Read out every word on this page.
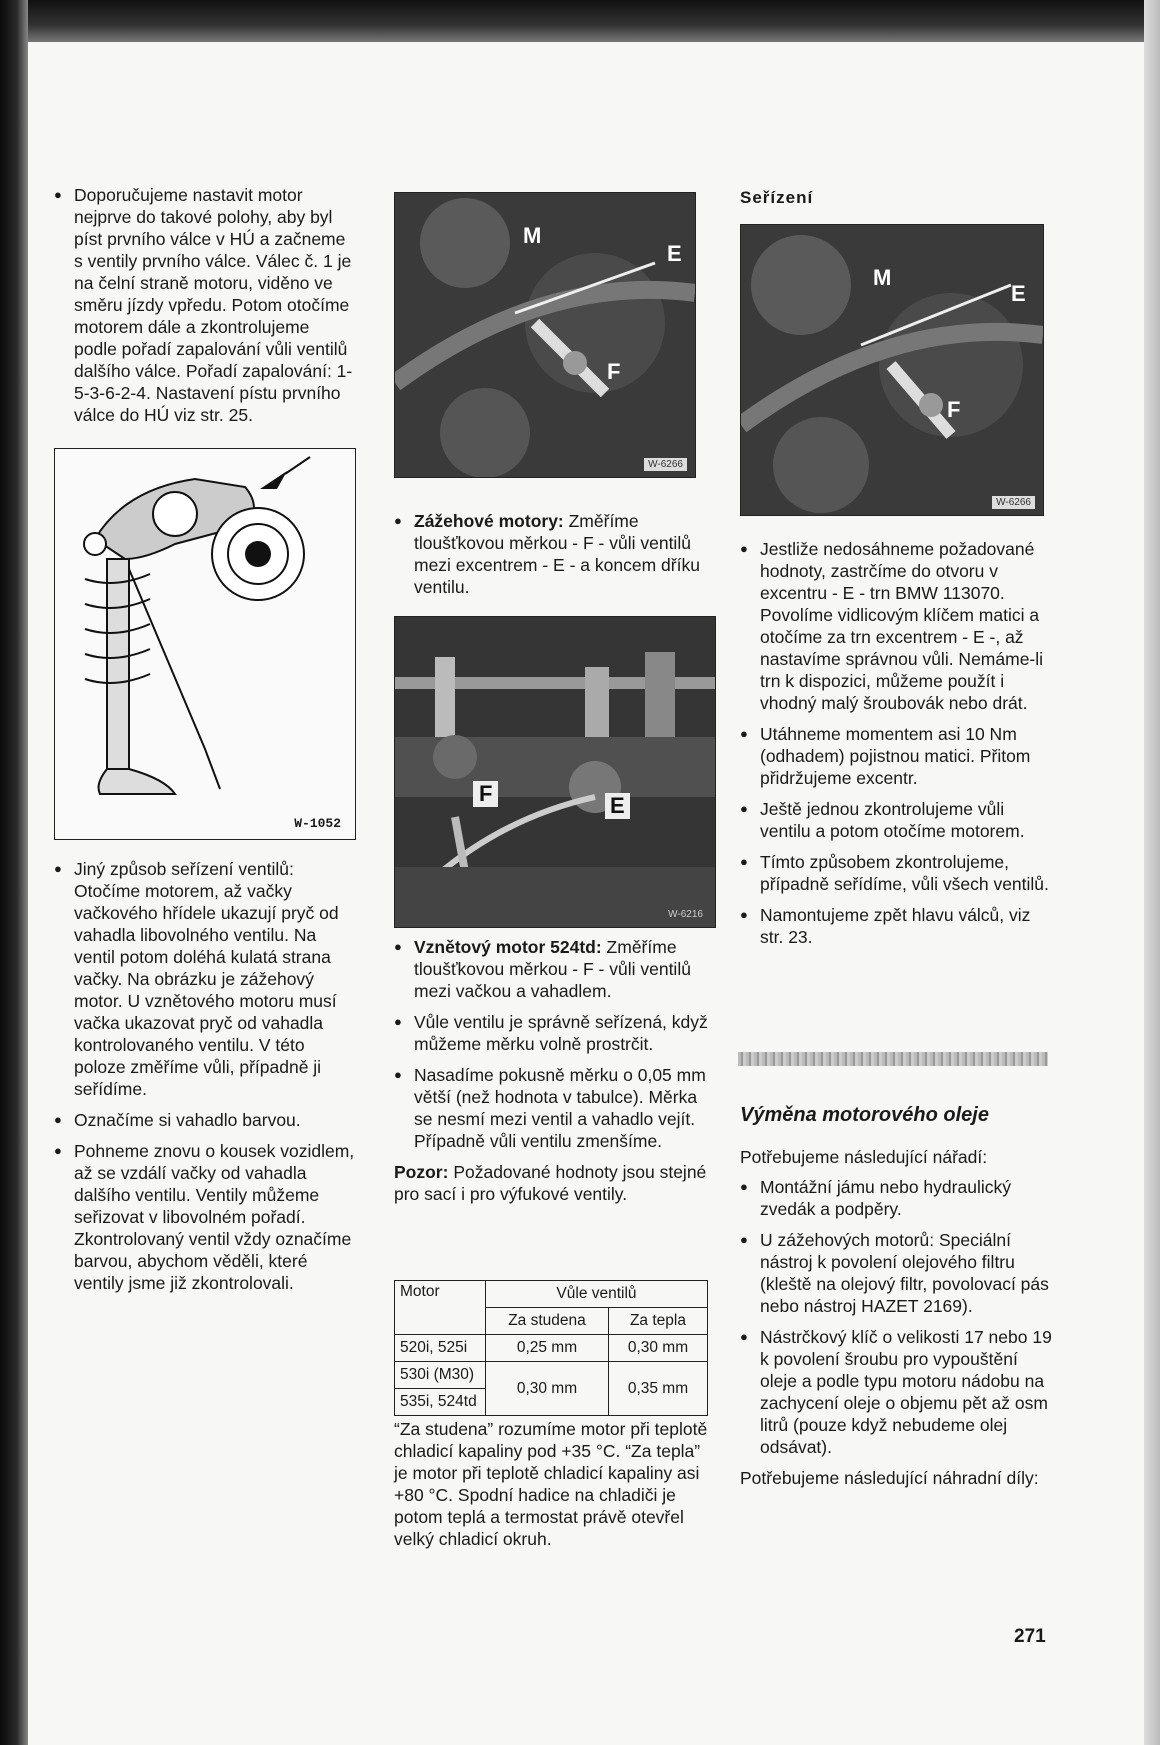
● Doporučujeme nastavit motor nejprve do takové polohy, aby byl píst prvního válce v HÚ a začneme s ventily prvního válce. Válec č. 1 je na čelní straně motoru, viděno ve směru jízdy vpředu. Potom otočíme motorem dále a zkontrolujeme podle pořadí zapalování vůli ventilů dalšího válce. Pořadí zapalování: 1-5-3-6-2-4. Nastavení pístu prvního válce do HÚ viz str. 25.
W-1052
● Jiný způsob seřízení ventilů: Otočíme motorem, až vačky vačkového hřídele ukazují pryč od vahadla libovolného ventilu. Na ventil potom doléhá kulatá strana vačky. Na obrázku je zážehový motor. U vznětového motoru musí vačka ukazovat pryč od vahadla kontrolovaného ventilu. V této poloze změříme vůli, případně ji seřídíme.
● Označíme si vahadlo barvou.
● Pohneme znovu o kousek vozidlem, až se vzdálí vačky od vahadla dalšího ventilu. Ventily můžeme seřizovat v libovolném pořadí. Zkontrolovaný ventil vždy označíme barvou, abychom věděli, které ventily jsme již zkontrolovali.
M
E
F
W-6266
● Zážehové motory: Změříme tloušťkovou měrkou - F - vůli ventilů mezi excentrem - E - a koncem dříku ventilu.
F	E
W-6216
● Vznětový motor 524td: Změříme tloušťkovou měrkou - F - vůli ventilů mezi vačkou a vahadlem.
● Vůle ventilu je správně seřízená, když můžeme měrku volně prostrčit.
● Nasadíme pokusně měrku o 0,05 mm větší (než hodnota v tabulce). Měrka se nesmí mezi ventil a vahadlo vejít. Případně vůli ventilu zmenšíme.

Pozor: Požadované hodnoty jsou stejné pro sací i pro výfukové ventily.

Motor	Vůle ventilů	
	Za studena	Za tepla
520i, 525i	0,25 mm	0,30 mm
530i (M30)	0,30 mm	0,35 mm
535i, 524td		

“Za studena” rozumíme motor při teplotě chladicí kapaliny pod +35 °C. “Za tepla” je motor při teplotě chladicí kapaliny asi +80 °C. Spodní hadice na chladiči je potom teplá a termostat právě otevřel velký chladicí okruh.

Seřízení
M
E
F
W-6266
● Jestliže nedosáhneme požadované hodnoty, zastrčíme do otvoru v excentru - E - trn BMW 113070. Povolíme vidlicovým klíčem matici a otočíme za trn excentrem - E -, až nastavíme správnou vůli. Nemáme-li trn k dispozici, můžeme použít i vhodný malý šroubovák nebo drát.
● Utáhneme momentem asi 10 Nm (odhadem) pojistnou matici. Přitom přidržujeme excentr.
● Ještě jednou zkontrolujeme vůli ventilu a potom otočíme motorem.
● Tímto způsobem zkontrolujeme, případně seřídíme, vůli všech ventilů.
● Namontujeme zpět hlavu válců, viz str. 23.
Výměna motorového oleje

Potřebujeme následující nářadí:

● Montážní jámu nebo hydraulický zvedák a podpěry.
● U zážehových motorů: Speciální nástroj k povolení olejového filtru (kleště na olejový filtr, povolovací pás nebo nástroj HAZET 2169).
● Nástrčkový klíč o velikosti 17 nebo 19 k povolení šroubu pro vypouštění oleje a podle typu motoru nádobu na zachycení oleje o objemu pět až osm litrů (pouze když nebudeme olej odsávat).

Potřebujeme následující náhradní díly:

271
